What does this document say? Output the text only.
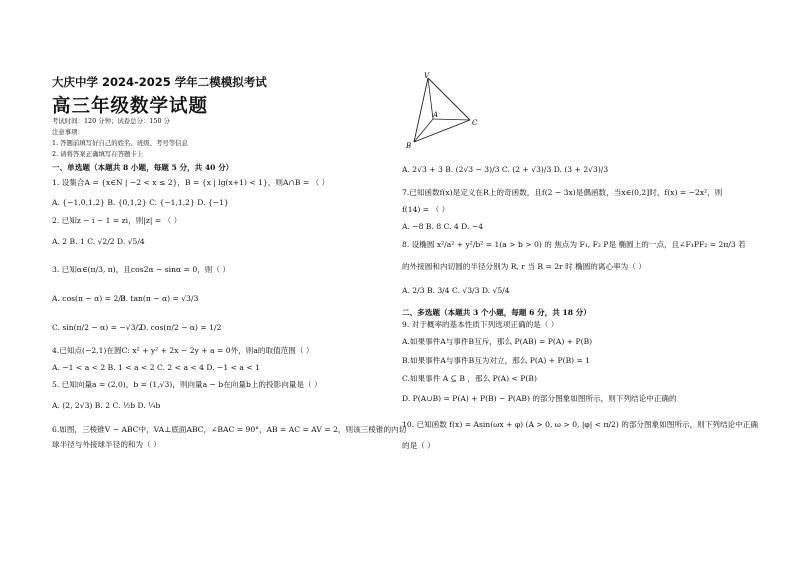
大庆中学 2024-2025 学年二模模拟考试
高三年级数学试题
考试时间：120 分钟；试卷总分：150 分
注意事项：
1. 答题前填写好自己的姓名、班级、考号等信息
2. 请将答案正确填写在答题卡上
一、单选题（本题共 8 小题，每题 5 分，共 40 分）
1. 设集合A = {x∈N | −2 < x ≤ 2}，B = {x | lg(x+1) < 1}，则A∩B = （ ）
A. {−1,0,1,2} B. {0,1,2} C. {−1,1,2} D. {−1}
2. 已知z − i − 1 = zi，则|z| = （ ）
A. 2 B. 1 C. √2/2 D. √5/4
3. 已知α∈(π/3, π)，且cos2α − sinα = 0，则（ ）
A. cos(π − α) = 2/3
B. tan(π − α) = √3/3
C. sin(π/2 − α) = −√3/2
D. cos(π/2 − α) = 1/2
4.已知点(−2,1)在圆C: x² + y² + 2x − 2y + a = 0外，则a的取值范围（ ）
A. −1 < a < 2 B. 1 < a < 2 C. 2 < a < 4 D. −1 < a < 1
5. 已知向量a = (2,0)，b = (1,√3)，则向量a − b在向量b上的投影向量是（ ）
A. (2, 2√3) B. 2 C. ½b D. ¼b
6.如图，三棱锥V − ABC中，VA⊥底面ABC，∠BAC = 90°，AB = AC = AV = 2，则该三棱锥的内切
球半径与外接球半径的和为（ ）
V
A
B
C
A. 2√3 + 3 B. (2√3 − 3)/3 C. (2 + √3)/3 D. (3 + 2√3)/3
7.已知函数f(x)是定义在R上的奇函数，且f(2 − 3x)是偶函数，当x∈(0,2]时，f(x) = −2x²，则
f(14) = （ ）
A. −8 B. 8 C. 4 D. −4
8. 设椭圆 x²/a² + y²/b² = 1(a > b > 0) 的 焦点为 F₁, F₂ P是 椭圆上的一点，且∠F₁PF₂ = 2π/3 若
的外接圆和内切圆的半径分别为 R, r 当 R = 2r 时 椭圆的离心率为（ ）
A. 2/3 B. 3/4 C. √3/3 D. √5/4
二、多选题（本题共 3 个小题，每题 6 分，共 18 分）
9. 对于概率的基本性质下列选项正确的是（ ）
A.如果事件A与事件B互斥，那么 P(AB) = P(A) + P(B)
B.如果事件A与事件B互为对立，那么 P(A) + P(B) = 1
C.如果事件 A ⊆ B ，那么 P(A) < P(B)
D. P(A∪B) = P(A) + P(B) − P(AB) 的部分图象如图所示，则下列结论中正确的
10. 已知函数 f(x) = Asin(ωx + φ) (A > 0, ω > 0, |φ| < π/2) 的部分图象如图所示，则下列结论中正确
的是（ ）
